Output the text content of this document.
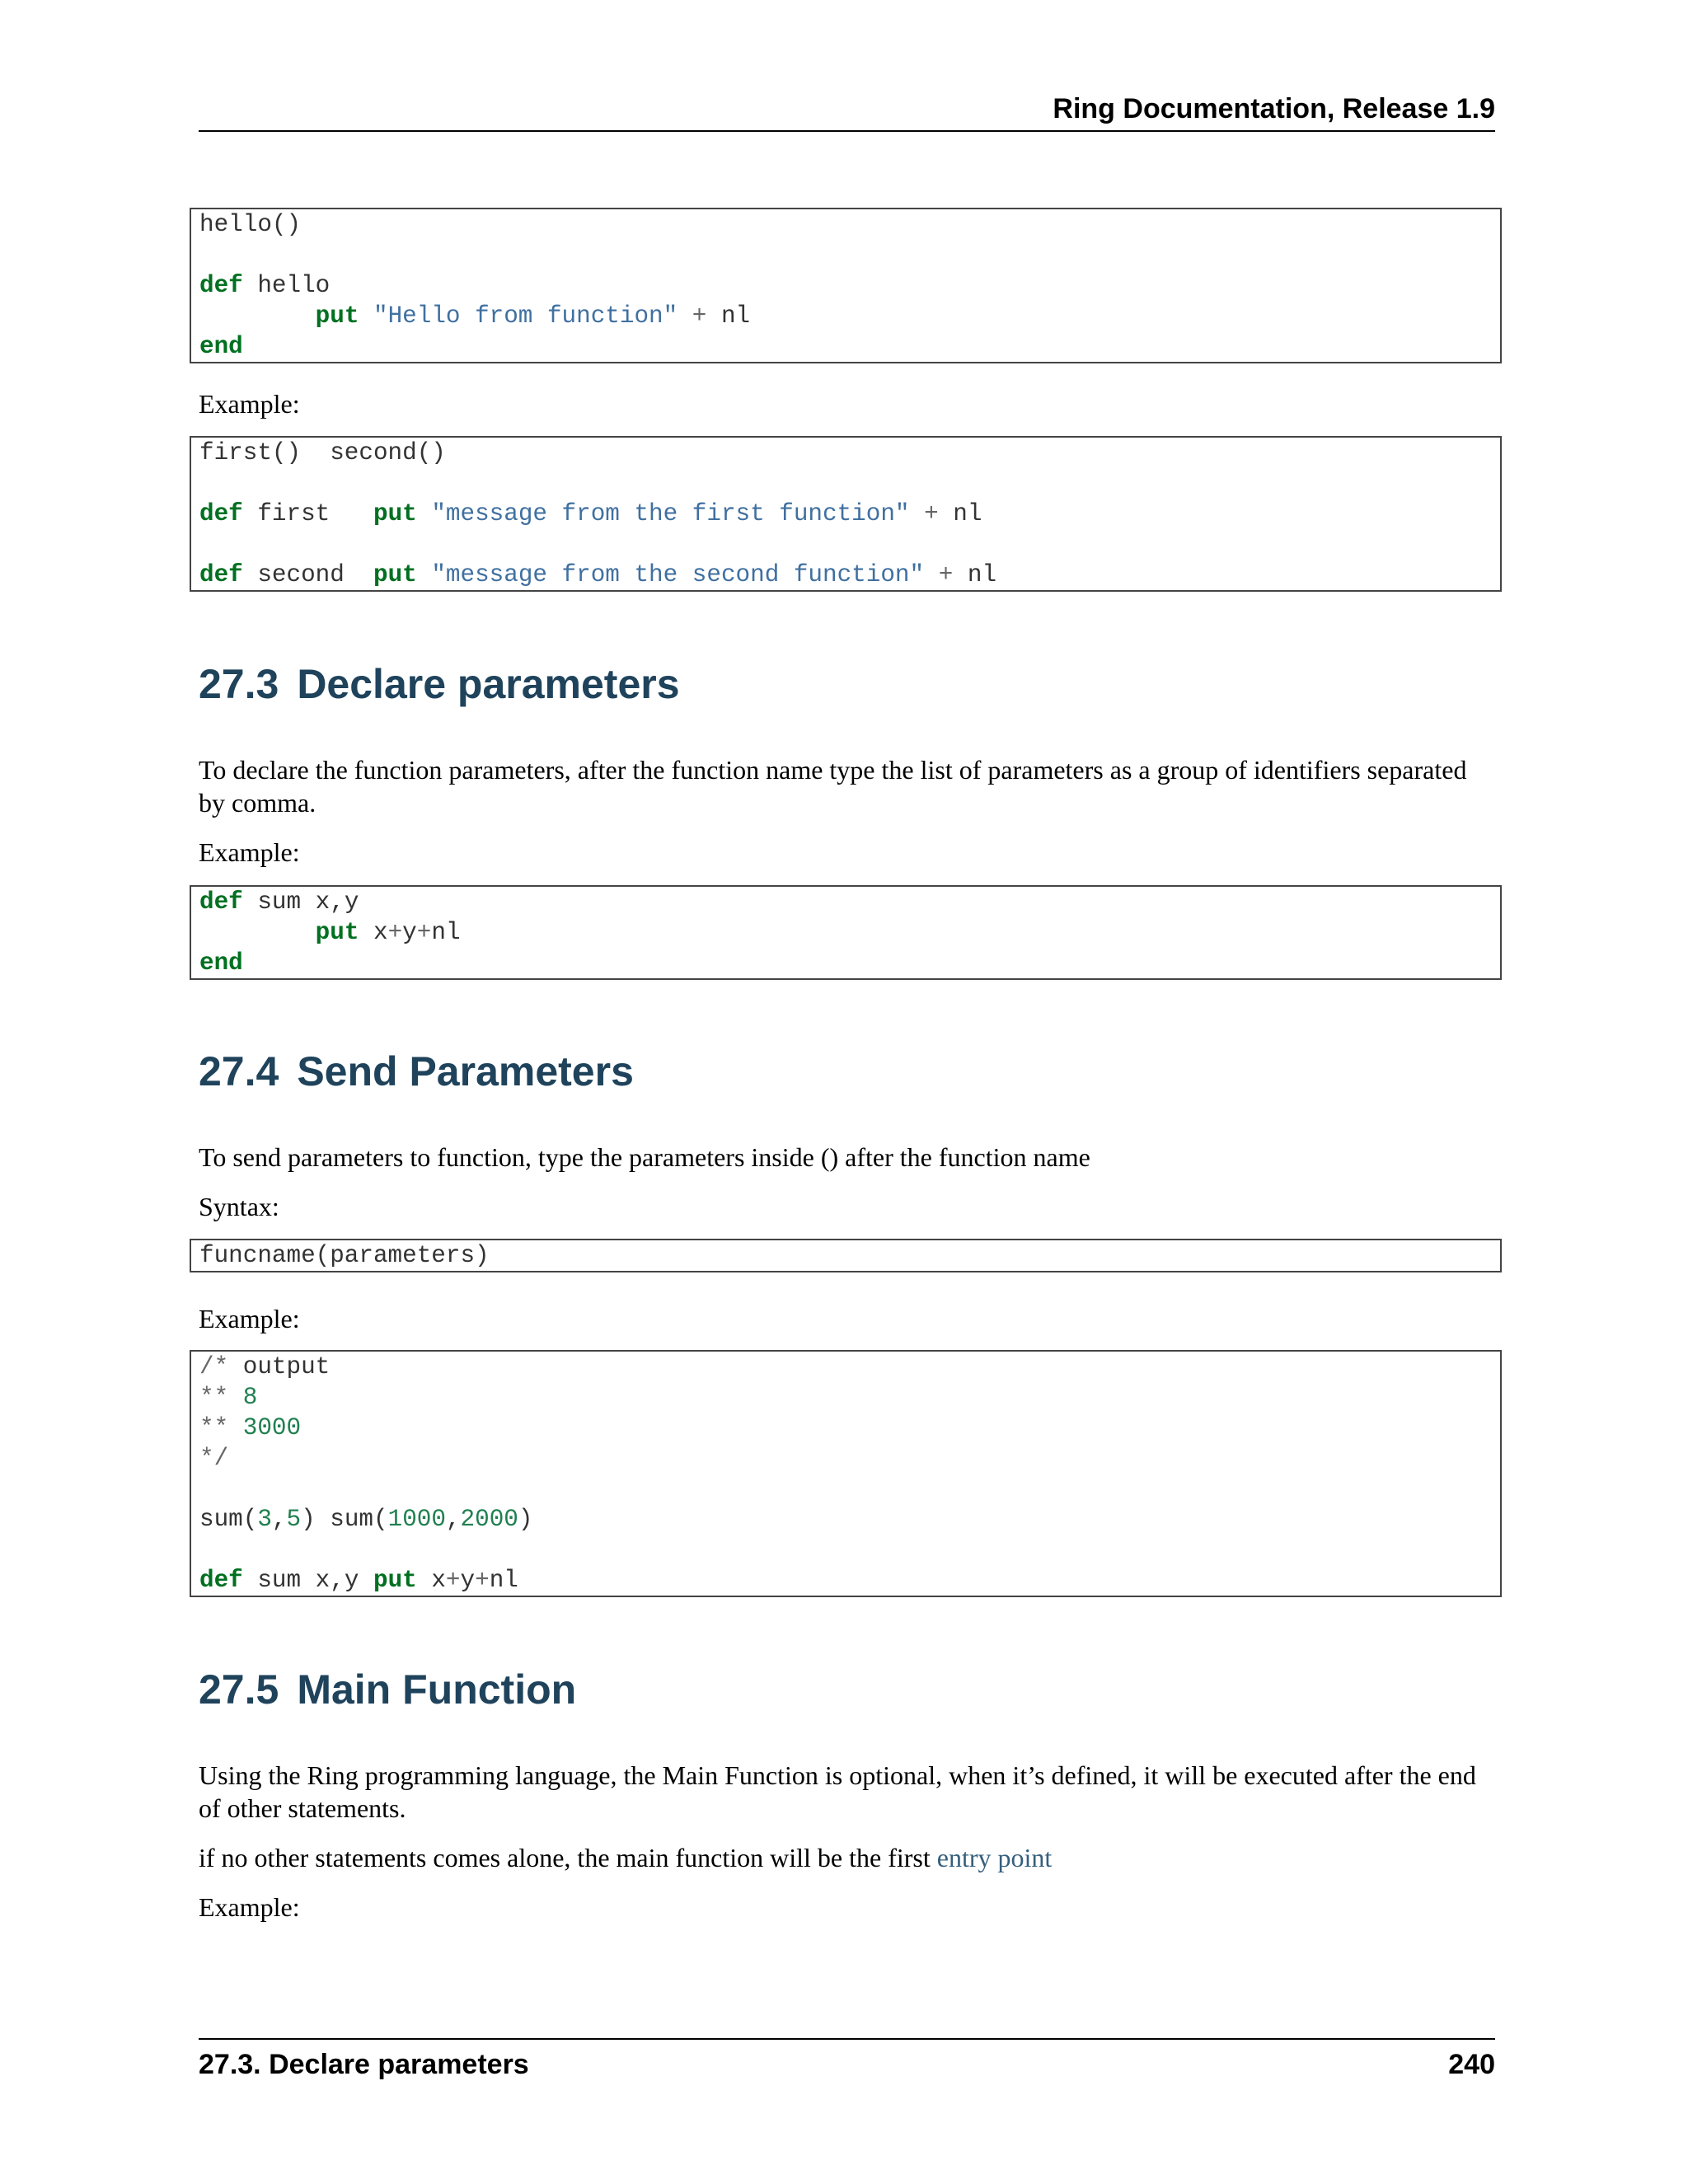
Ring Documentation, Release 1.9
hello()
def hello
put "Hello from function" + nl
end

Example:

first()  second()
def first   put "message from the first function" + nl
def second  put "message from the second function" + nl
27.3 Declare parameters

To declare the function parameters, after the function name type the list of parameters as a group of identifiers separated by comma.

Example:

def sum x,y
put x+y+nl
end
27.4 Send Parameters

To send parameters to function, type the parameters inside () after the function name

Syntax:

funcname(parameters)

Example:

/* output
** 8
** 3000
*/
sum(3,5) sum(1000,2000)
def sum x,y put x+y+nl
27.5 Main Function

Using the Ring programming language, the Main Function is optional, when it’s defined, it will be executed after the end of other statements.

if no other statements comes alone, the main function will be the first entry point

Example:

27.3. Declare parameters	240
